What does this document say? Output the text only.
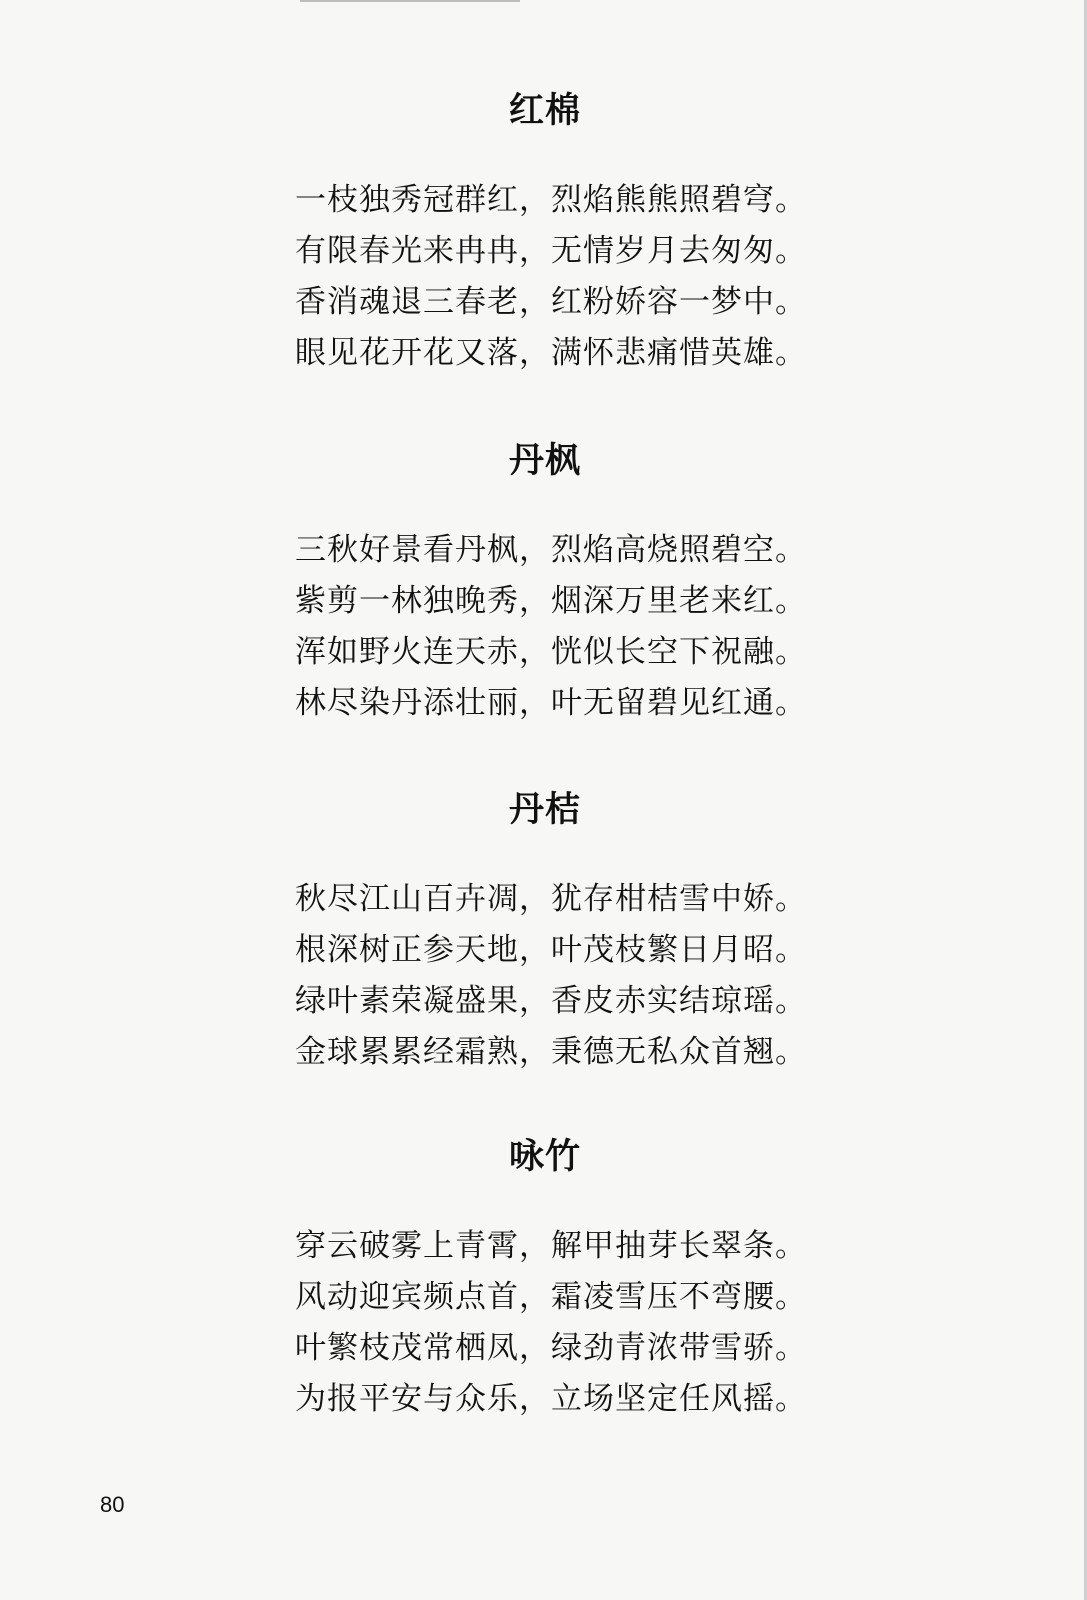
红棉
一枝独秀冠群红，烈焰熊熊照碧穹。
有限春光来冉冉，无情岁月去匆匆。
香消魂退三春老，红粉娇容一梦中。
眼见花开花又落，满怀悲痛惜英雄。
丹枫
三秋好景看丹枫，烈焰高烧照碧空。
紫剪一林独晚秀，烟深万里老来红。
浑如野火连天赤，恍似长空下祝融。
林尽染丹添壮丽，叶无留碧见红通。
丹桔
秋尽江山百卉凋，犹存柑桔雪中娇。
根深树正参天地，叶茂枝繁日月昭。
绿叶素荣凝盛果，香皮赤实结琼瑶。
金球累累经霜熟，秉德无私众首翘。
咏竹
穿云破雾上青霄，解甲抽芽长翠条。
风动迎宾频点首，霜凌雪压不弯腰。
叶繁枝茂常栖凤，绿劲青浓带雪骄。
为报平安与众乐，立场坚定任风摇。
80
